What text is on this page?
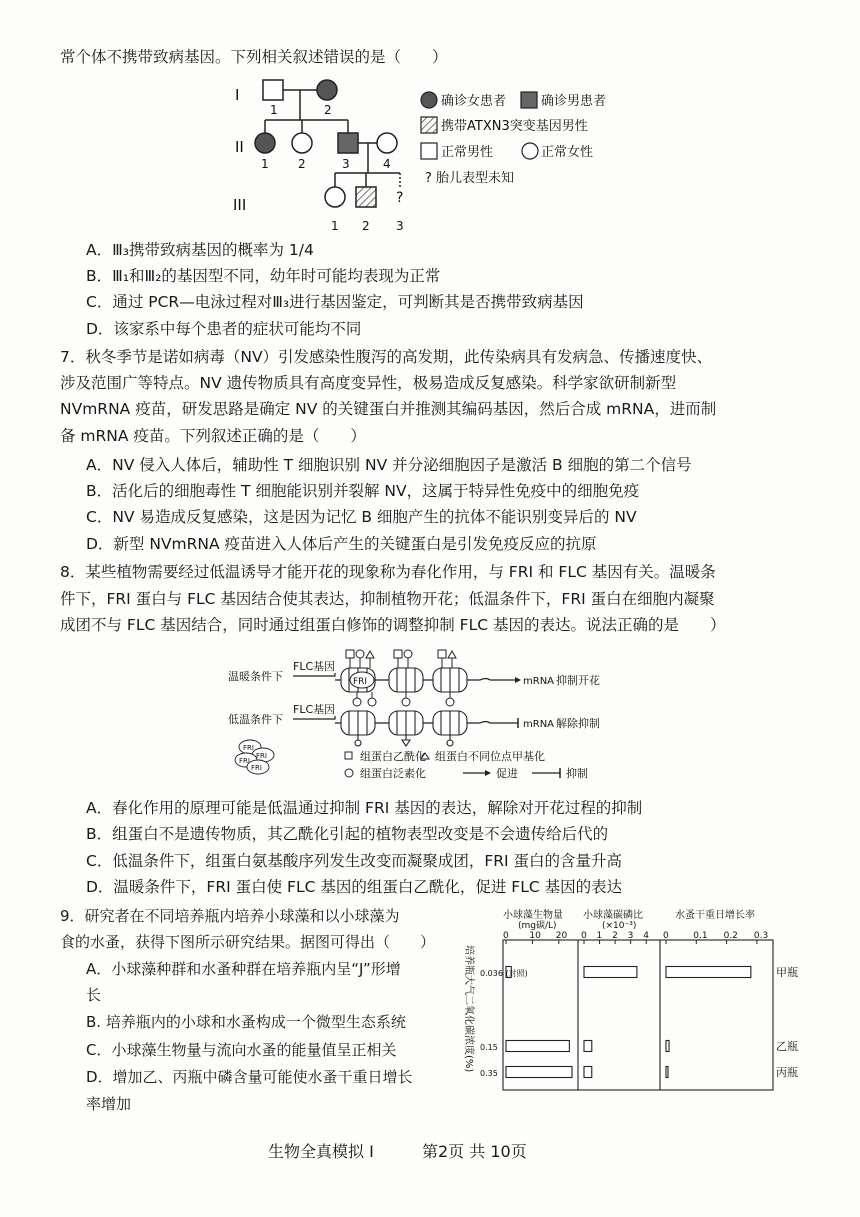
常个体不携带致病基因。下列相关叙述错误的是（　　）
I
II
III
1	2
1 2	3	4
?
1 2 3
确诊女患者	确诊男患者
携带ATXN3突变基因男性
正常男性	正常女性
? 胎儿表型未知
A．Ⅲ₃携带致病基因的概率为 1/4
B．Ⅲ₁和Ⅲ₂的基因型不同，幼年时可能均表现为正常
C．通过 PCR—电泳过程对Ⅲ₃进行基因鉴定，可判断其是否携带致病基因
D．该家系中每个患者的症状可能均不同
7．秋冬季节是诺如病毒（NV）引发感染性腹泻的高发期，此传染病具有发病急、传播速度快、
涉及范围广等特点。NV 遗传物质具有高度变异性，极易造成反复感染。科学家欲研制新型
NVmRNA 疫苗，研发思路是确定 NV 的关键蛋白并推测其编码基因，然后合成 mRNA，进而制
备 mRNA 疫苗。下列叙述正确的是（　　）
A．NV 侵入人体后，辅助性 T 细胞识别 NV 并分泌细胞因子是激活 B 细胞的第二个信号
B．活化后的细胞毒性 T 细胞能识别并裂解 NV，这属于特异性免疫中的细胞免疫
C．NV 易造成反复感染，这是因为记忆 B 细胞产生的抗体不能识别变异后的 NV
D．新型 NVmRNA 疫苗进入人体后产生的关键蛋白是引发免疫反应的抗原
8．某些植物需要经过低温诱导才能开花的现象称为春化作用，与 FRI 和 FLC 基因有关。温暖条
件下，FRI 蛋白与 FLC 基因结合使其表达，抑制植物开花；低温条件下，FRI 蛋白在细胞内凝聚
成团不与 FLC 基因结合，同时通过组蛋白修饰的调整抑制 FLC 基因的表达。说法正确的是　　）
温暖条件下
低温条件下
FLC基因
FLC基因
FRI	mRNA 抑制开花
mRNA 解除抑制
FRI
FRI
FRI
FRI
组蛋白乙酰化 组蛋白不同位点甲基化
组蛋白泛素化	促进	抑制
A．春化作用的原理可能是低温通过抑制 FRI 基因的表达，解除对开花过程的抑制
B．组蛋白不是遗传物质，其乙酰化引起的植物表型改变是不会遗传给后代的
C．低温条件下，组蛋白氨基酸序列发生改变而凝聚成团，FRI 蛋白的含量升高
D．温暖条件下，FRI 蛋白使 FLC 基因的组蛋白乙酰化，促进 FLC 基因的表达
9．研究者在不同培养瓶内培养小球藻和以小球藻为
食的水蚤，获得下图所示研究结果。据图可得出（　　）
A．小球藻种群和水蚤种群在培养瓶内呈“J”形增
长
B. 培养瓶内的小球和水蚤构成一个微型生态系统
C．小球藻生物量与流向水蚤的能量值呈正相关
D．增加乙、丙瓶中磷含量可能使水蚤干重日增长
率增加
小球藻生物量
(mg碳/L)
0 10 20
小球藻碳磷比
(×10⁻³)
0 1 2 3 4
水蚤干重日增长率
0	0.1 0.2 0.3
0.036 (对照)
0.15
0.35
甲瓶
乙瓶
丙瓶
培养瓶大气二氧化碳浓度(%)
生物全真模拟 I	第2页 共 10页
